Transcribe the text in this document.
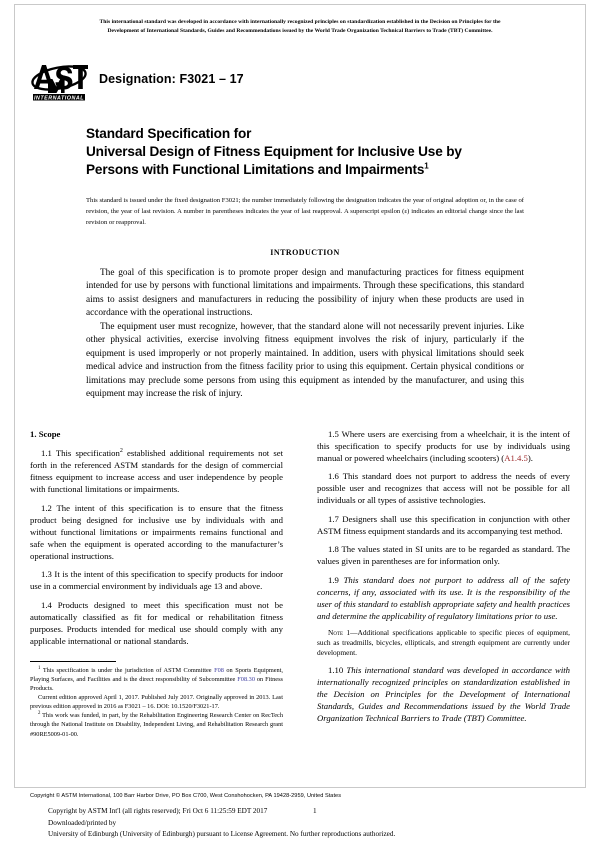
This international standard was developed in accordance with internationally recognized principles on standardization established in the Decision on Principles for the
Development of International Standards, Guides and Recommendations issued by the World Trade Organization Technical Barriers to Trade (TBT) Committee.
INTERNATIONAL
Designation: F3021 – 17
Standard Specification for
Universal Design of Fitness Equipment for Inclusive Use by
Persons with Functional Limitations and Impairments$^1$
This standard is issued under the fixed designation F3021; the number immediately following the designation indicates the year of original adoption or, in the case of revision, the year of last revision. A number in parentheses indicates the year of last reapproval. A superscript epsilon (ε) indicates an editorial change since the last revision or reapproval.
INTRODUCTION

The goal of this specification is to promote proper design and manufacturing practices for fitness equipment intended for use by persons with functional limitations and impairments. Through these specifications, this standard aims to assist designers and manufacturers in reducing the possibility of injury when these products are used in accordance with the operational instructions.

The equipment user must recognize, however, that the standard alone will not necessarily prevent injuries. Like other physical activities, exercise involving fitness equipment involves the risk of injury, particularly if the equipment is used improperly or not properly maintained. In addition, users with physical limitations should seek medical advice and instruction from the fitness facility prior to using this equipment. Certain physical conditions or limitations may preclude some persons from using this equipment as intended by the manufacturer, and using this equipment may increase the risk of injury.

1. Scope

1.1 This specification$^2$ established additional requirements not set forth in the referenced ASTM standards for the design of commercial fitness equipment to increase access and user independence by people with functional limitations or impairments.

1.2 The intent of this specification is to ensure that the fitness product being designed for inclusive use by individuals with and without functional limitations or impairments remains functional and safe when the equipment is operated according to the manufacturer’s operational instructions.

1.3 It is the intent of this specification to specify products for indoor use in a commercial environment by individuals age 13 and above.

1.4 Products designed to meet this specification must not be automatically classified as fit for medical or rehabilitation fitness purposes. Products intended for medical use should comply with any applicable international or national standards.

$^1$ This specification is under the jurisdiction of ASTM Committee F08 on Sports Equipment, Playing Surfaces, and Facilities and is the direct responsibility of Subcommittee F08.30 on Fitness Products.

Current edition approved April 1, 2017. Published July 2017. Originally approved in 2013. Last previous edition approved in 2016 as F3021 – 16. DOI: 10.1520/F3021-17.

$^2$ This work was funded, in part, by the Rehabilitation Engineering Research Center on RecTech through the National Institute on Disability, Independent Living, and Rehabilitation Research grant #90RE5009-01-00.

1.5 Where users are exercising from a wheelchair, it is the intent of this specification to specify products for use by individuals using manual or powered wheelchairs (including scooters) (A1.4.5).

1.6 This standard does not purport to address the needs of every possible user and recognizes that access will not be possible for all individuals or all types of assistive technologies.

1.7 Designers shall use this specification in conjunction with other ASTM fitness equipment standards and its accompanying test method.

1.8 The values stated in SI units are to be regarded as standard. The values given in parentheses are for information only.

1.9 This standard does not purport to address all of the safety concerns, if any, associated with its use. It is the responsibility of the user of this standard to establish appropriate safety and health practices and determine the applicability of regulatory limitations prior to use.

Note 1—Additional specifications applicable to specific pieces of equipment, such as treadmills, bicycles, ellipticals, and strength equipment are currently under development.

1.10 This international standard was developed in accordance with internationally recognized principles on standardization established in the Decision on Principles for the Development of International Standards, Guides and Recommendations issued by the World Trade Organization Technical Barriers to Trade (TBT) Committee.

Copyright © ASTM International, 100 Barr Harbor Drive, PO Box C700, West Conshohocken, PA 19428-2959, United States
Copyright by ASTM Int'l (all rights reserved); Fri Oct 6 11:25:59 EDT 2017
Downloaded/printed by
University of Edinburgh (University of Edinburgh) pursuant to License Agreement. No further reproductions authorized.
1
